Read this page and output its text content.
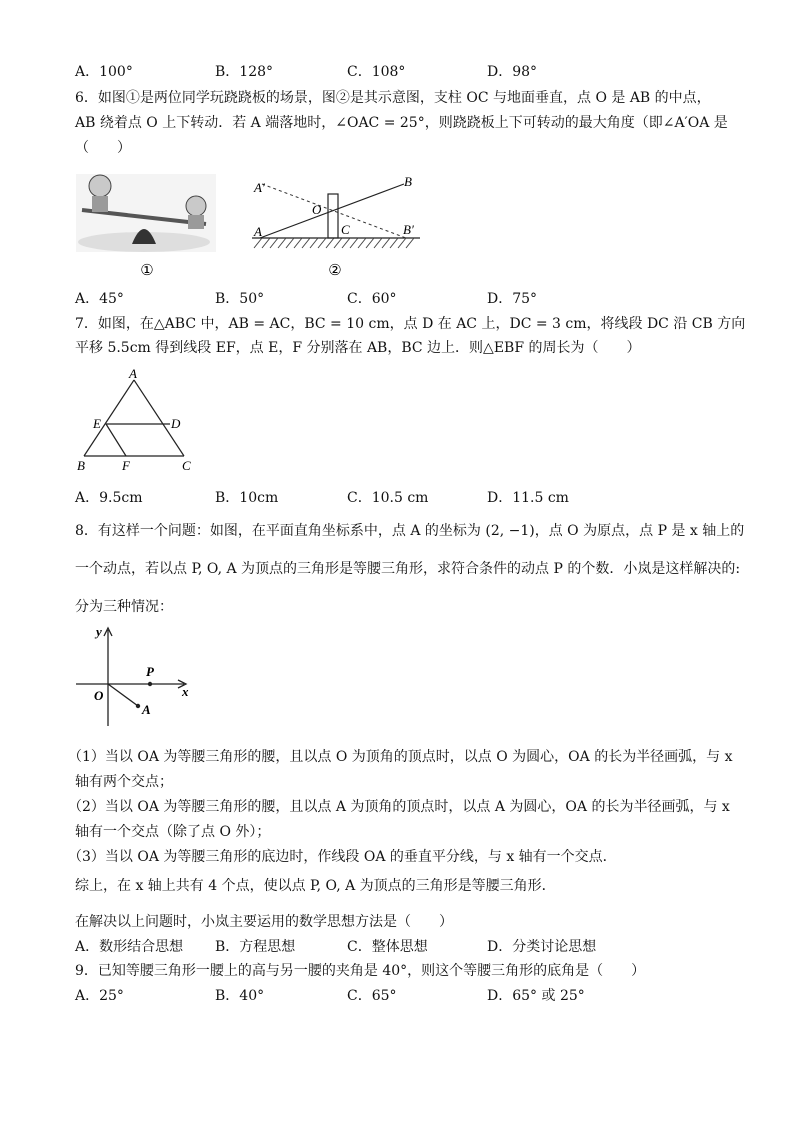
A．100°	B．128°	C．108°	D．98°
6．如图①是两位同学玩跷跷板的场景，图②是其示意图，支柱 OC 与地面垂直，点 O 是 AB 的中点，
AB 绕着点 O 上下转动．若 A 端落地时，∠OAC = 25°，则跷跷板上下可转动的最大角度（即∠A′OA 是
（　　）
①
A′	B
O
A	C	B′
②
A．45°	B．50°	C．60°	D．75°
7．如图，在△ABC 中，AB = AC，BC = 10 cm，点 D 在 AC 上，DC = 3 cm，将线段 DC 沿 CB 方向
平移 5.5cm 得到线段 EF，点 E，F 分别落在 AB，BC 边上．则△EBF 的周长为（　　）
A
E	D
B	F	C
A．9.5cm	B．10cm	C．10.5 cm	D．11.5 cm
8．有这样一个问题：如图，在平面直角坐标系中，点 A 的坐标为 (2, −1)，点 O 为原点，点 P 是 x 轴上的
一个动点，若以点 P, O, A 为顶点的三角形是等腰三角形，求符合条件的动点 P 的个数．小岚是这样解决的:
分为三种情况：
y
x
O
P
A
（1）当以 OA 为等腰三角形的腰，且以点 O 为顶角的顶点时，以点 O 为圆心，OA 的长为半径画弧，与 x
轴有两个交点；
（2）当以 OA 为等腰三角形的腰，且以点 A 为顶角的顶点时，以点 A 为圆心，OA 的长为半径画弧，与 x
轴有一个交点（除了点 O 外）；
（3）当以 OA 为等腰三角形的底边时，作线段 OA 的垂直平分线，与 x 轴有一个交点．
综上，在 x 轴上共有 4 个点，使以点 P, O, A 为顶点的三角形是等腰三角形．
在解决以上问题时，小岚主要运用的数学思想方法是（　　）
A．数形结合思想 B．方程思想	C．整体思想	D．分类讨论思想
9．已知等腰三角形一腰上的高与另一腰的夹角是 40°，则这个等腰三角形的底角是（　　）
A．25°	B．40°	C．65°	D．65° 或 25°
